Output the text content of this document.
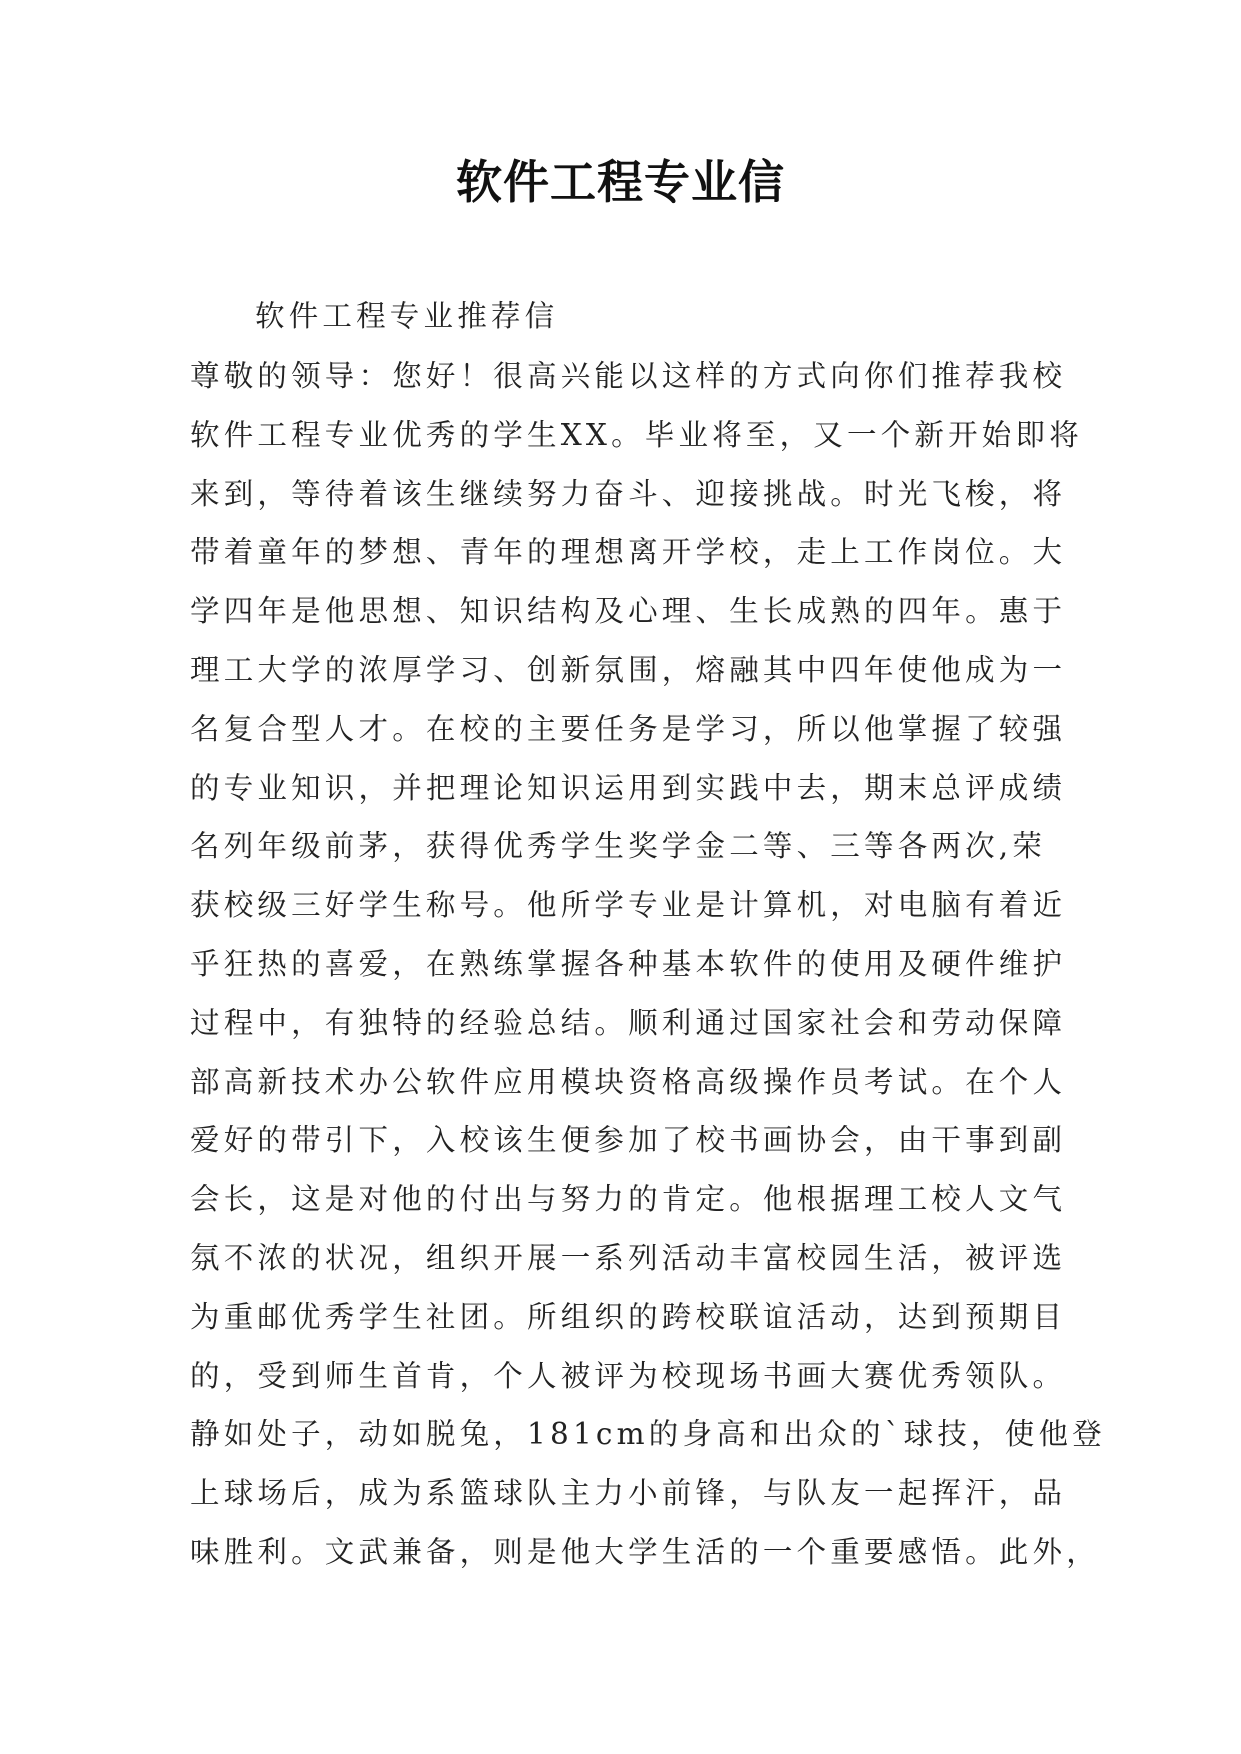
软件工程专业信
软件工程专业推荐信
尊敬的领导：您好！很高兴能以这样的方式向你们推荐我校
软件工程专业优秀的学生XX。毕业将至，又一个新开始即将
来到，等待着该生继续努力奋斗、迎接挑战。时光飞梭，将
带着童年的梦想、青年的理想离开学校，走上工作岗位。大
学四年是他思想、知识结构及心理、生长成熟的四年。惠于
理工大学的浓厚学习、创新氛围，熔融其中四年使他成为一
名复合型人才。在校的主要任务是学习，所以他掌握了较强
的专业知识，并把理论知识运用到实践中去，期末总评成绩
名列年级前茅，获得优秀学生奖学金二等、三等各两次,荣
获校级三好学生称号。他所学专业是计算机，对电脑有着近
乎狂热的喜爱，在熟练掌握各种基本软件的使用及硬件维护
过程中，有独特的经验总结。顺利通过国家社会和劳动保障
部高新技术办公软件应用模块资格高级操作员考试。在个人
爱好的带引下，入校该生便参加了校书画协会，由干事到副
会长，这是对他的付出与努力的肯定。他根据理工校人文气
氛不浓的状况，组织开展一系列活动丰富校园生活，被评选
为重邮优秀学生社团。所组织的跨校联谊活动，达到预期目
的，受到师生首肯，个人被评为校现场书画大赛优秀领队。
静如处子，动如脱兔，181cm的身高和出众的`球技，使他登
上球场后，成为系篮球队主力小前锋，与队友一起挥汗，品
味胜利。文武兼备，则是他大学生活的一个重要感悟。此外，
